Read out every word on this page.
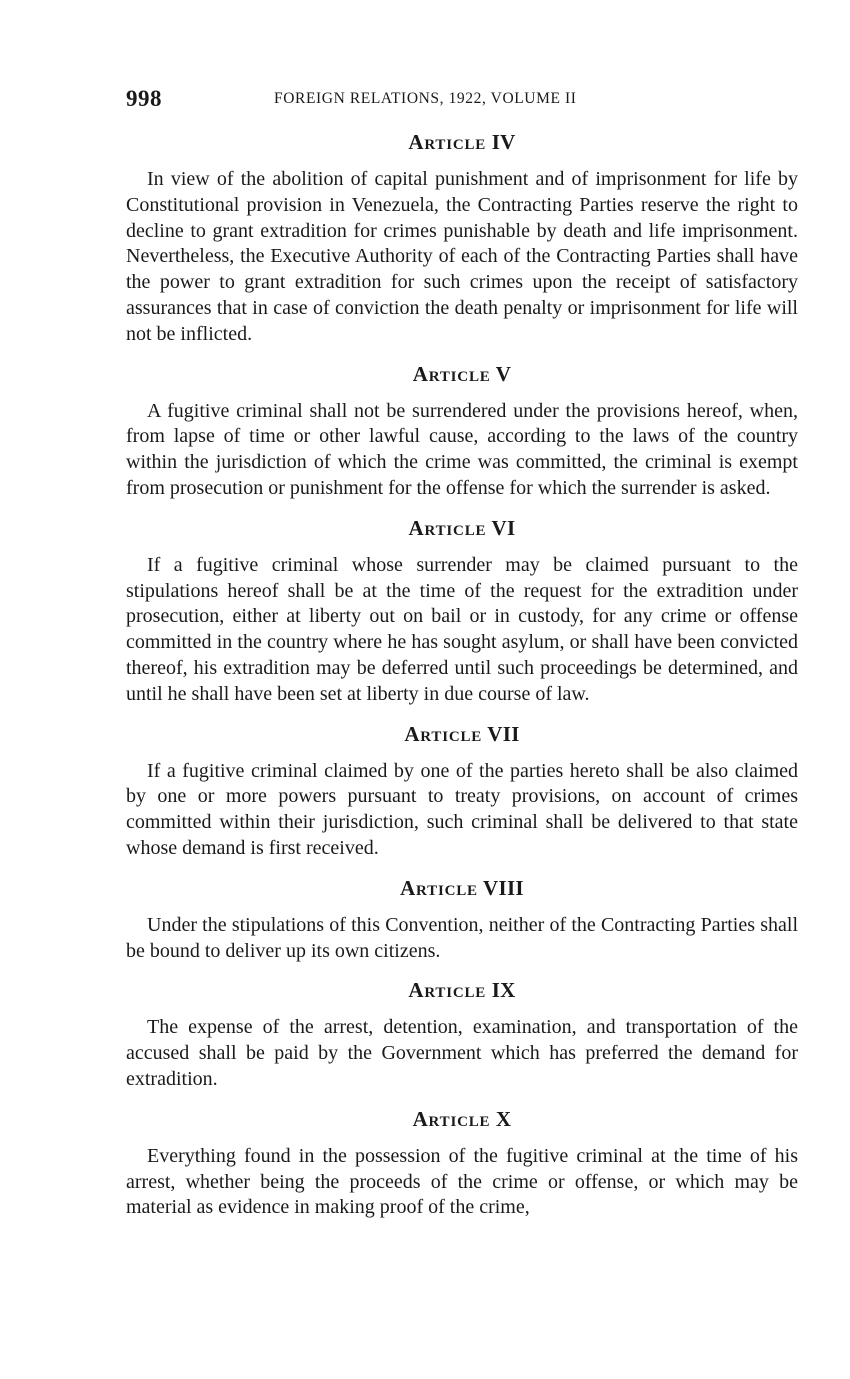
998	FOREIGN RELATIONS, 1922, VOLUME II
Article IV

In view of the abolition of capital punishment and of imprisonment for life by Constitutional provision in Venezuela, the Contracting Parties reserve the right to decline to grant extradition for crimes punishable by death and life imprisonment. Nevertheless, the Executive Authority of each of the Contracting Parties shall have the power to grant extradition for such crimes upon the receipt of satisfactory assurances that in case of conviction the death penalty or imprisonment for life will not be inflicted.

Article V

A fugitive criminal shall not be surrendered under the provisions hereof, when, from lapse of time or other lawful cause, according to the laws of the country within the jurisdiction of which the crime was committed, the criminal is exempt from prosecution or punishment for the offense for which the surrender is asked.

Article VI

If a fugitive criminal whose surrender may be claimed pursuant to the stipulations hereof shall be at the time of the request for the extradition under prosecution, either at liberty out on bail or in custody, for any crime or offense committed in the country where he has sought asylum, or shall have been convicted thereof, his extradition may be deferred until such proceedings be determined, and until he shall have been set at liberty in due course of law.

Article VII

If a fugitive criminal claimed by one of the parties hereto shall be also claimed by one or more powers pursuant to treaty provisions, on account of crimes committed within their jurisdiction, such criminal shall be delivered to that state whose demand is first received.

Article VIII

Under the stipulations of this Convention, neither of the Contracting Parties shall be bound to deliver up its own citizens.

Article IX

The expense of the arrest, detention, examination, and transportation of the accused shall be paid by the Government which has preferred the demand for extradition.

Article X

Everything found in the possession of the fugitive criminal at the time of his arrest, whether being the proceeds of the crime or offense, or which may be material as evidence in making proof of the crime,
